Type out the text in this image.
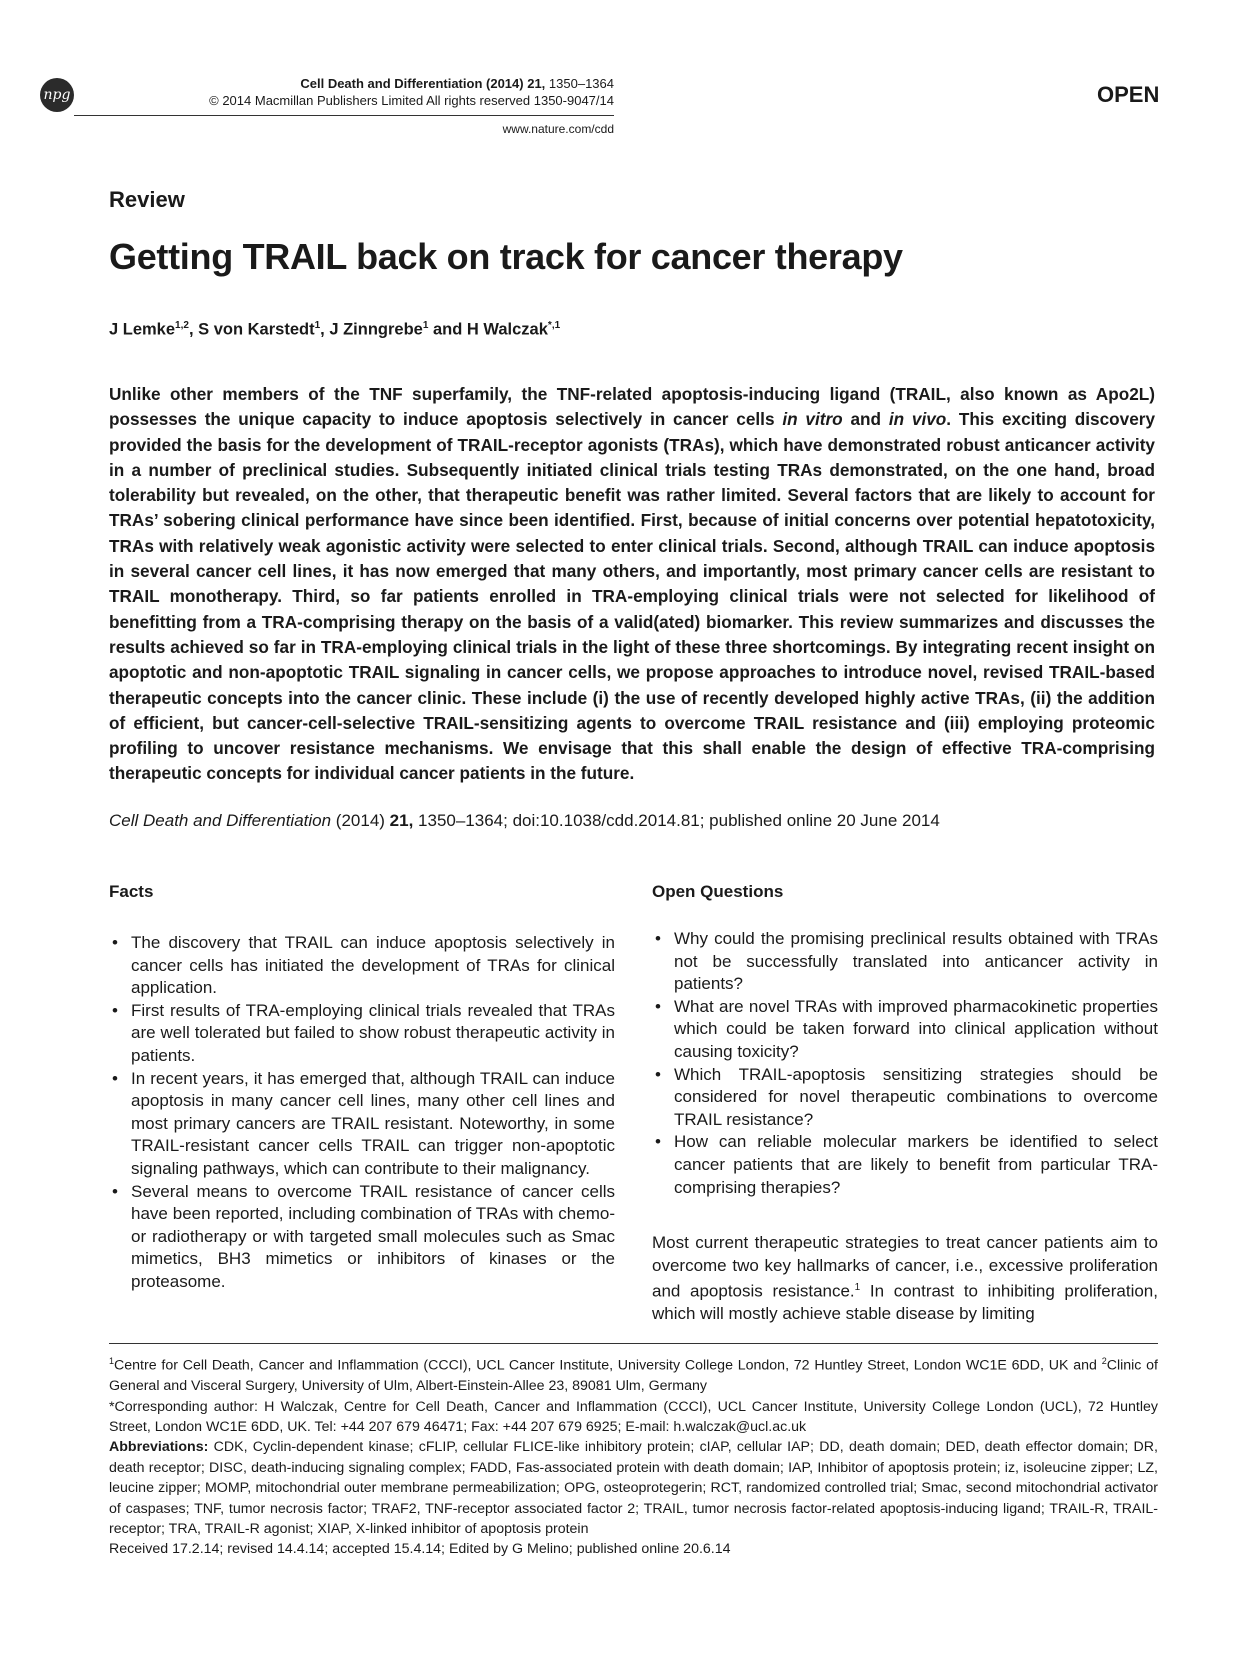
npg
Cell Death and Differentiation (2014) 21, 1350–1364
© 2014 Macmillan Publishers Limited All rights reserved 1350-9047/14
www.nature.com/cdd
OPEN
Review
Getting TRAIL back on track for cancer therapy
J Lemke$^{1,2}$, S von Karstedt$^1$, J Zinngrebe$^1$ and H Walczak$^{*,1}$
Unlike other members of the TNF superfamily, the TNF-related apoptosis-inducing ligand (TRAIL, also known as Apo2L) possesses the unique capacity to induce apoptosis selectively in cancer cells in vitro and in vivo. This exciting discovery provided the basis for the development of TRAIL-receptor agonists (TRAs), which have demonstrated robust anticancer activity in a number of preclinical studies. Subsequently initiated clinical trials testing TRAs demonstrated, on the one hand, broad tolerability but revealed, on the other, that therapeutic benefit was rather limited. Several factors that are likely to account for TRAs’ sobering clinical performance have since been identified. First, because of initial concerns over potential hepatotoxicity, TRAs with relatively weak agonistic activity were selected to enter clinical trials. Second, although TRAIL can induce apoptosis in several cancer cell lines, it has now emerged that many others, and importantly, most primary cancer cells are resistant to TRAIL monotherapy. Third, so far patients enrolled in TRA-employing clinical trials were not selected for likelihood of benefitting from a TRA-comprising therapy on the basis of a valid(ated) biomarker. This review summarizes and discusses the results achieved so far in TRA-employing clinical trials in the light of these three shortcomings. By integrating recent insight on apoptotic and non-apoptotic TRAIL signaling in cancer cells, we propose approaches to introduce novel, revised TRAIL-based therapeutic concepts into the cancer clinic. These include (i) the use of recently developed highly active TRAs, (ii) the addition of efficient, but cancer-cell-selective TRAIL-sensitizing agents to overcome TRAIL resistance and (iii) employing proteomic profiling to uncover resistance mechanisms. We envisage that this shall enable the design of effective TRA-comprising therapeutic concepts for individual cancer patients in the future.
Cell Death and Differentiation (2014) 21, 1350–1364; doi:10.1038/cdd.2014.81; published online 20 June 2014
Facts
• The discovery that TRAIL can induce apoptosis selectively in cancer cells has initiated the development of TRAs for clinical application.
• First results of TRA-employing clinical trials revealed that TRAs are well tolerated but failed to show robust therapeutic activity in patients.
• In recent years, it has emerged that, although TRAIL can induce apoptosis in many cancer cell lines, many other cell lines and most primary cancers are TRAIL resistant. Noteworthy, in some TRAIL-resistant cancer cells TRAIL can trigger non-apoptotic signaling pathways, which can contribute to their malignancy.
• Several means to overcome TRAIL resistance of cancer cells have been reported, including combination of TRAs with chemo- or radiotherapy or with targeted small molecules such as Smac mimetics, BH3 mimetics or inhibitors of kinases or the proteasome.
Open Questions
• Why could the promising preclinical results obtained with TRAs not be successfully translated into anticancer activity in patients?
• What are novel TRAs with improved pharmacokinetic properties which could be taken forward into clinical application without causing toxicity?
• Which TRAIL-apoptosis sensitizing strategies should be considered for novel therapeutic combinations to overcome TRAIL resistance?
• How can reliable molecular markers be identified to select cancer patients that are likely to benefit from particular TRA-comprising therapies?
Most current therapeutic strategies to treat cancer patients aim to overcome two key hallmarks of cancer, i.e., excessive proliferation and apoptosis resistance.$^1$ In contrast to inhibiting proliferation, which will mostly achieve stable disease by limiting

$^1$Centre for Cell Death, Cancer and Inflammation (CCCI), UCL Cancer Institute, University College London, 72 Huntley Street, London WC1E 6DD, UK and $^2$Clinic of General and Visceral Surgery, University of Ulm, Albert-Einstein-Allee 23, 89081 Ulm, Germany

*Corresponding author: H Walczak, Centre for Cell Death, Cancer and Inflammation (CCCI), UCL Cancer Institute, University College London (UCL), 72 Huntley Street, London WC1E 6DD, UK. Tel: +44 207 679 46471; Fax: +44 207 679 6925; E-mail: h.walczak@ucl.ac.uk

Abbreviations: CDK, Cyclin-dependent kinase; cFLIP, cellular FLICE-like inhibitory protein; cIAP, cellular IAP; DD, death domain; DED, death effector domain; DR, death receptor; DISC, death-inducing signaling complex; FADD, Fas-associated protein with death domain; IAP, Inhibitor of apoptosis protein; iz, isoleucine zipper; LZ, leucine zipper; MOMP, mitochondrial outer membrane permeabilization; OPG, osteoprotegerin; RCT, randomized controlled trial; Smac, second mitochondrial activator of caspases; TNF, tumor necrosis factor; TRAF2, TNF-receptor associated factor 2; TRAIL, tumor necrosis factor-related apoptosis-inducing ligand; TRAIL-R, TRAIL-receptor; TRA, TRAIL-R agonist; XIAP, X-linked inhibitor of apoptosis protein

Received 17.2.14; revised 14.4.14; accepted 15.4.14; Edited by G Melino; published online 20.6.14
